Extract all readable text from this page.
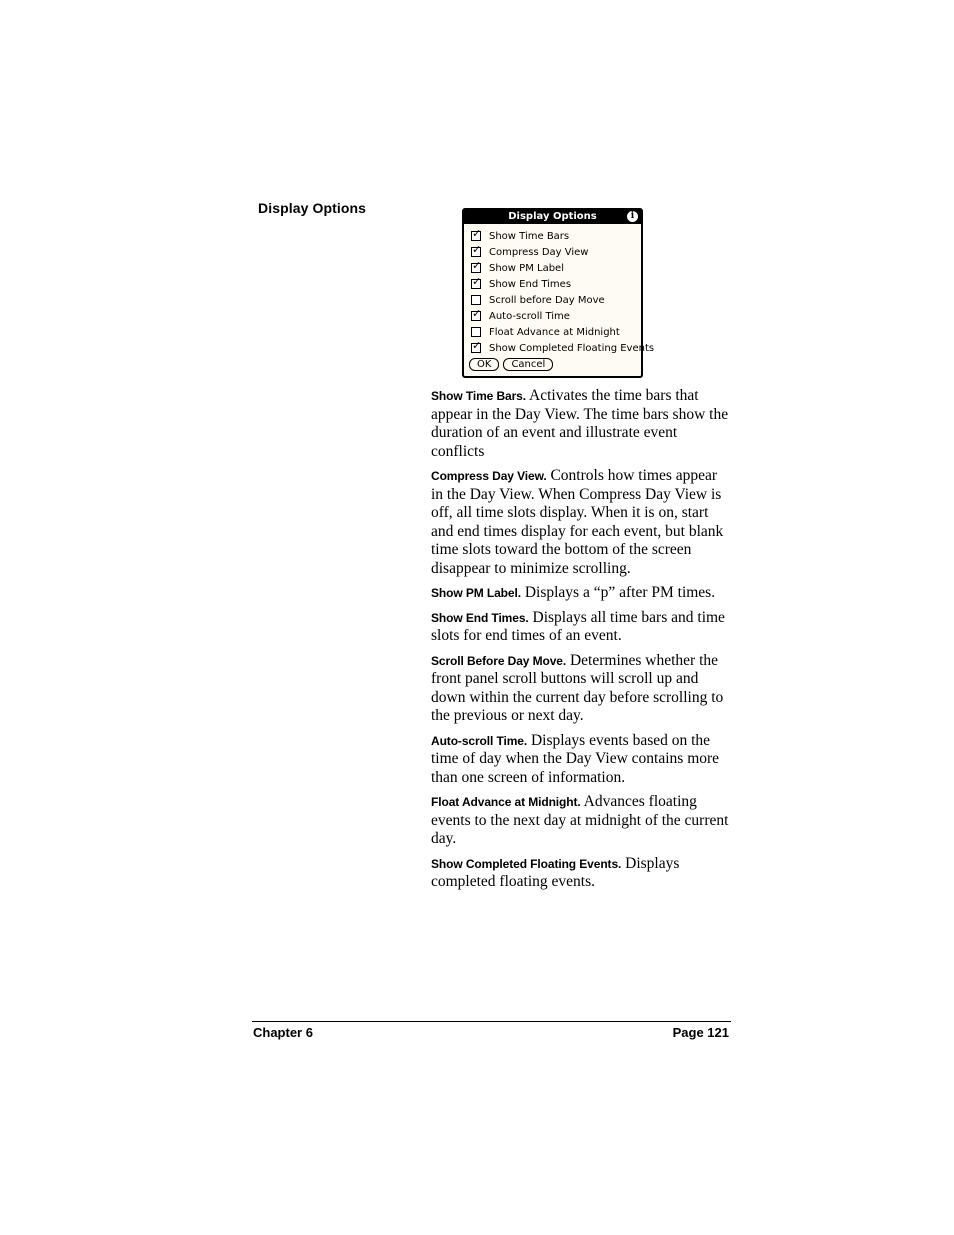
Display Options
Display Options	i
✓
Show Time Bars
✓
Compress Day View
✓
Show PM Label
✓
Show End Times
Scroll before Day Move
✓
Auto-scroll Time
Float Advance at Midnight
✓
Show Completed Floating Events
OK	Cancel

Show Time Bars. Activates the time bars that appear in the Day View. The time bars show the duration of an event and illustrate event conflicts

Compress Day View. Controls how times appear in the Day View. When Compress Day View is off, all time slots display. When it is on, start and end times display for each event, but blank time slots toward the bottom of the screen disappear to minimize scrolling.

Show PM Label. Displays a “p” after PM times.

Show End Times. Displays all time bars and time slots for end times of an event.

Scroll Before Day Move. Determines whether the front panel scroll buttons will scroll up and down within the current day before scrolling to the previous or next day.

Auto-scroll Time. Displays events based on the time of day when the Day View contains more than one screen of information.

Float Advance at Midnight. Advances floating events to the next day at midnight of the current day.

Show Completed Floating Events. Displays completed floating events.

Chapter 6	Page 121
